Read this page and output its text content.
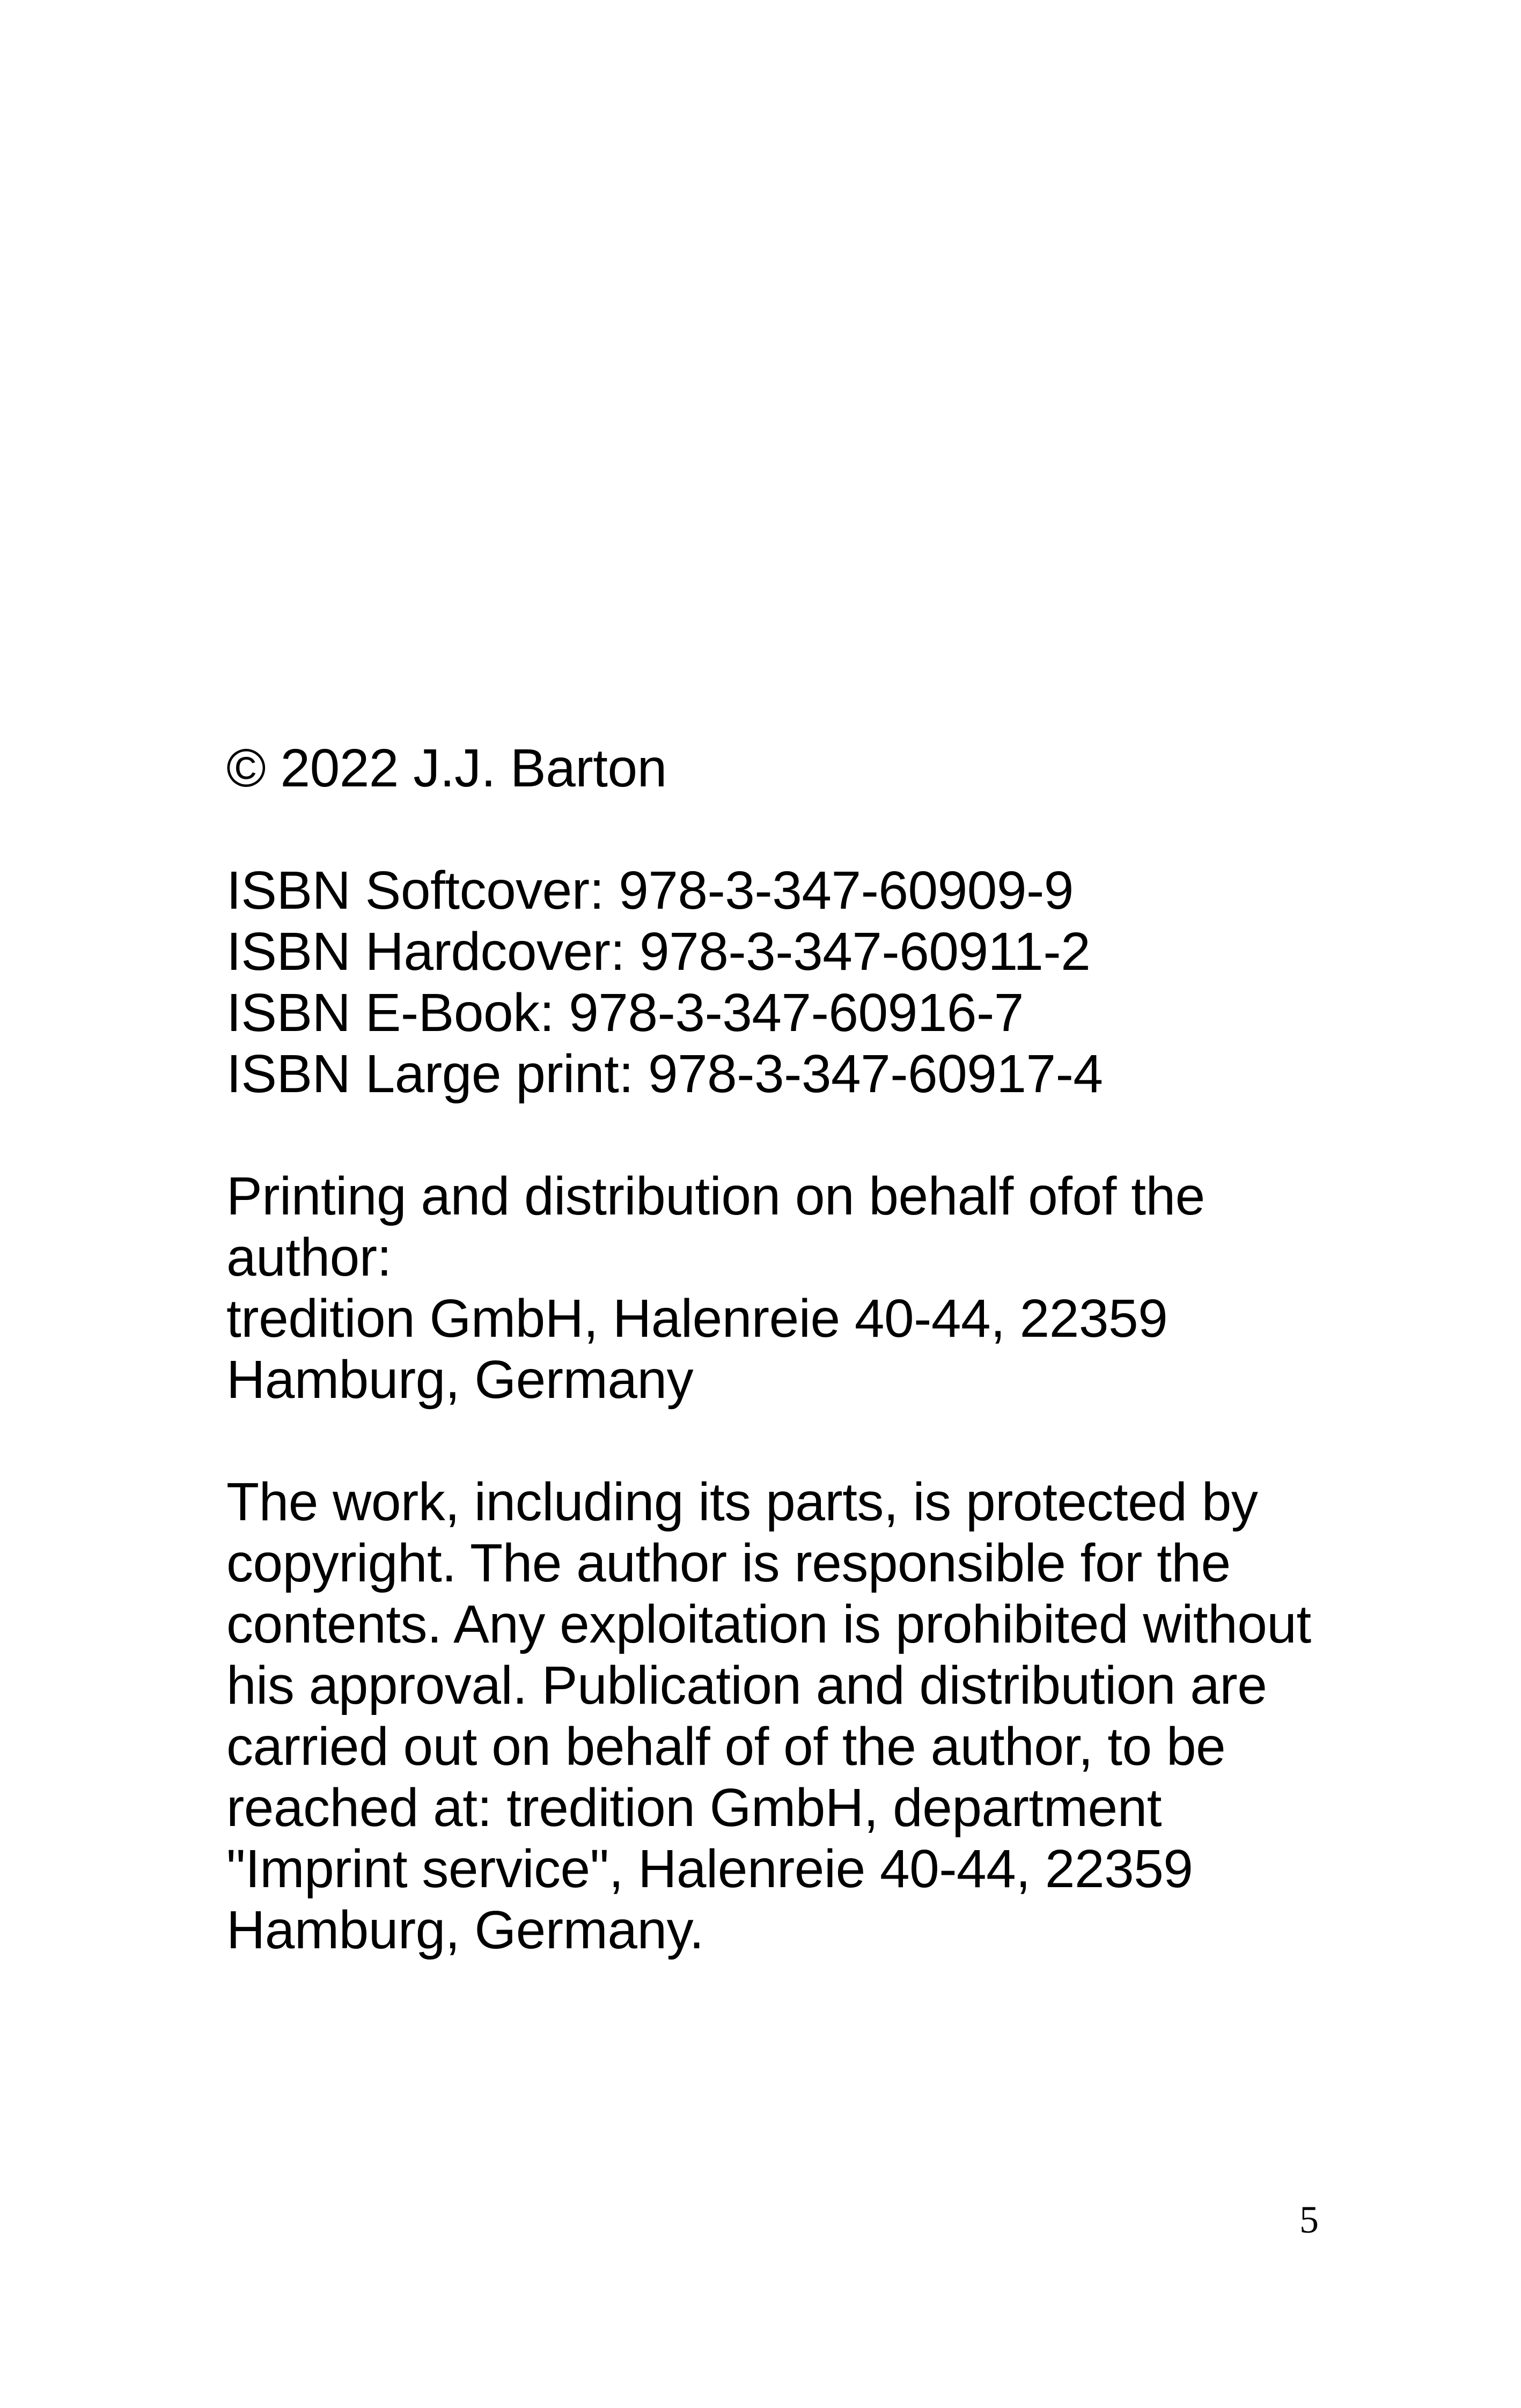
© 2022 J.J. Barton
ISBN Softcover: 978-3-347-60909-9
ISBN Hardcover: 978-3-347-60911-2
ISBN E-Book: 978-3-347-60916-7
ISBN Large print: 978-3-347-60917-4
Printing and distribution on behalf ofof the
author:
tredition GmbH, Halenreie 40-44, 22359
Hamburg, Germany
The work, including its parts, is protected by
copyright. The author is responsible for the
contents. Any exploitation is prohibited without
his approval. Publication and distribution are
carried out on behalf of of the author, to be
reached at: tredition GmbH, department
"Imprint service", Halenreie 40-44, 22359
Hamburg, Germany.
5
